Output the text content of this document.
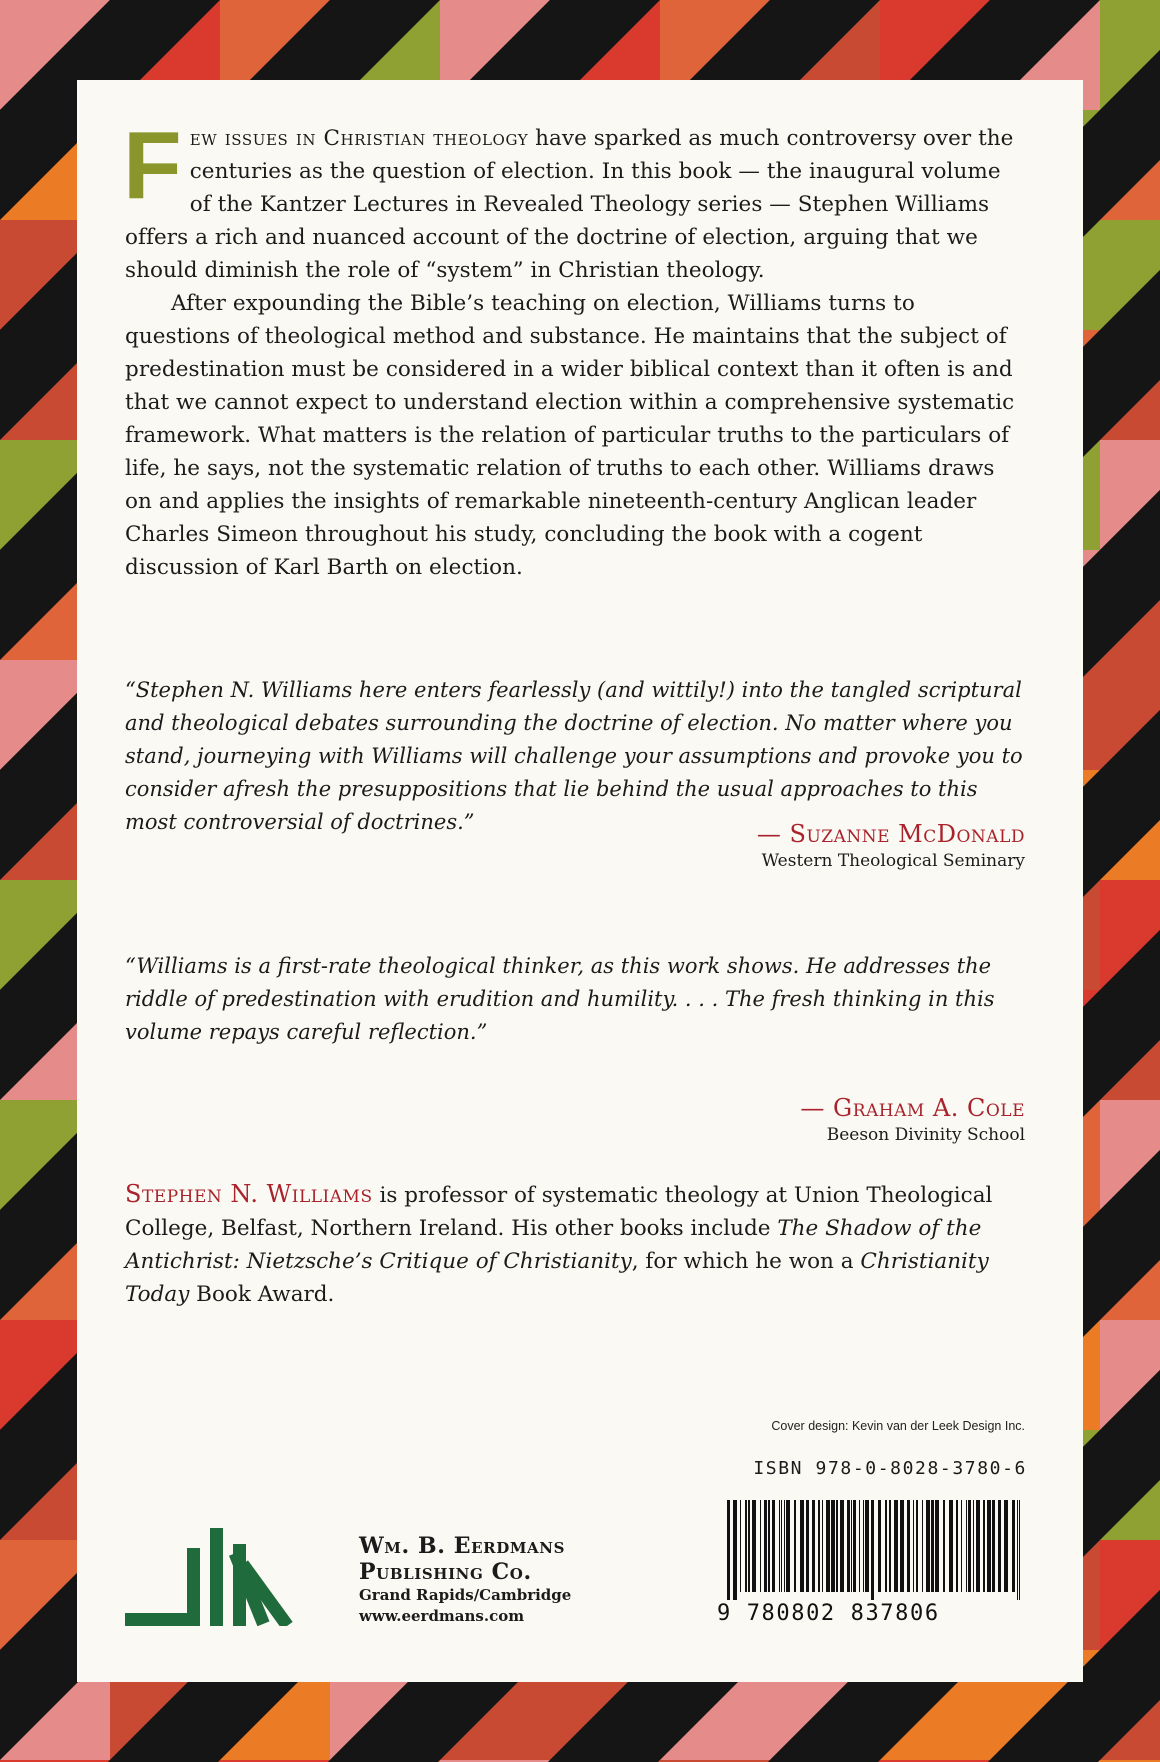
Few issues in Christian theology have sparked as much controversy over the centuries as the question of election. In this book — the inaugural volume of the Kantzer Lectures in Revealed Theology series — Stephen Williams offers a rich and nuanced account of the doctrine of election, arguing that we should diminish the role of “system” in Christian theology.

After expounding the Bible’s teaching on election, Williams turns to questions of theological method and substance. He maintains that the subject of predestination must be considered in a wider biblical context than it often is and that we cannot expect to understand election within a comprehensive systematic framework. What matters is the relation of particular truths to the particulars of life, he says, not the systematic relation of truths to each other. Williams draws on and applies the insights of remarkable nineteenth-century Anglican leader Charles Simeon throughout his study, concluding the book with a cogent discussion of Karl Barth on election.

“Stephen N. Williams here enters fearlessly (and wittily!) into the tangled scriptural and theological debates surrounding the doctrine of election. No matter where you stand, journeying with Williams will challenge your assumptions and provoke you to consider afresh the presuppositions that lie behind the usual approaches to this most controversial of doctrines.”	— Suzanne McDonald
Western Theological Seminary
“Williams is a first-rate theological thinker, as this work shows. He addresses the riddle of predestination with erudition and humility. . . . The fresh thinking in this volume repays careful reflection.”
— Graham A. Cole
Beeson Divinity School
Stephen N. Williams is professor of systematic theology at Union Theological College, Belfast, Northern Ireland. His other books include The Shadow of the Antichrist: Nietzsche’s Critique of Christianity, for which he won a Christianity Today Book Award.
Cover design: Kevin van der Leek Design Inc.
ISBN 978-0-8028-3780-6
9 780802 837806
Wm. B. Eerdmans
Publishing Co.
Grand Rapids/Cambridge
www.eerdmans.com
